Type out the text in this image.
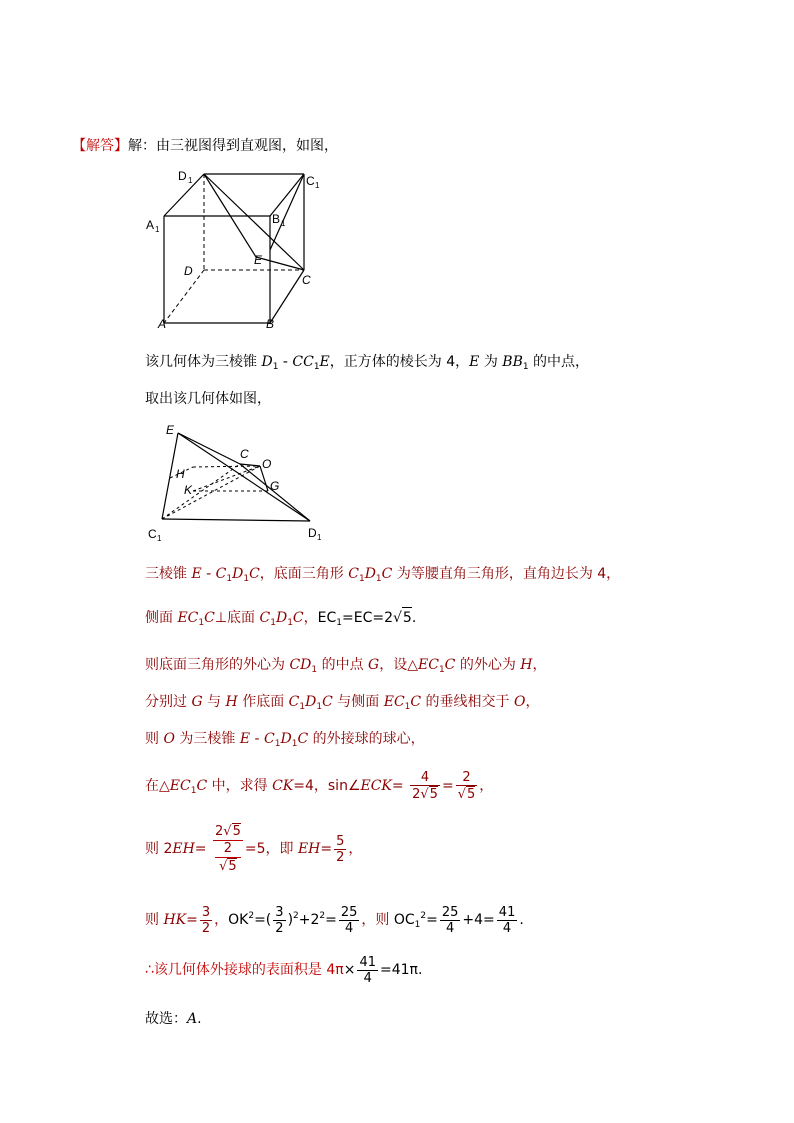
【解答】解：由三视图得到直观图，如图，
D 1	C 1
A 1
B 1
D
E
C
A	B
该几何体为三棱锥 $D_1 - CC_1E$，正方体的棱长为 4，E 为 $BB_1$ 的中点，
取出该几何体如图，
E
C
O
H
K	G
C 1	D 1
三棱锥 E - $C_1D_1C$，底面三角形 $C_1D_1C$ 为等腰直角三角形，直角边长为 4，
侧面 $EC_1C\perp$底面 $C_1D_1C$，$EC_1=EC=2√5$.
则底面三角形的外心为 $CD_1$ 的中点 G，设$\triangle EC_1C$ 的外心为 H，
分别过 G 与 H 作底面 $C_1D_1C$ 与侧面 $EC_1C$ 的垂线相交于 O，
则 O 为三棱锥 E - $C_1D_1C$ 的外接球的球心，
在$\triangle EC_1C$ 中，求得 CK=4，sin∠ECK= $\frac{4}{2√5} = \frac{2}{√5}$ ，
则 2EH= 2√5
2
√5 =5，即 $EH= \frac{5}{2}$ ，
则 $HK= \frac{3}{2}$ ，$OK^2=( \frac{3}{2} )^2+2^2= \frac{25}{4}$ ，则 $OC_1^2= \frac{25}{4} +4= \frac{41}{4}$ .
∴该几何体外接球的表面积是 $4\pi\times \frac{41}{4} =41\pi$.
故选：A.
